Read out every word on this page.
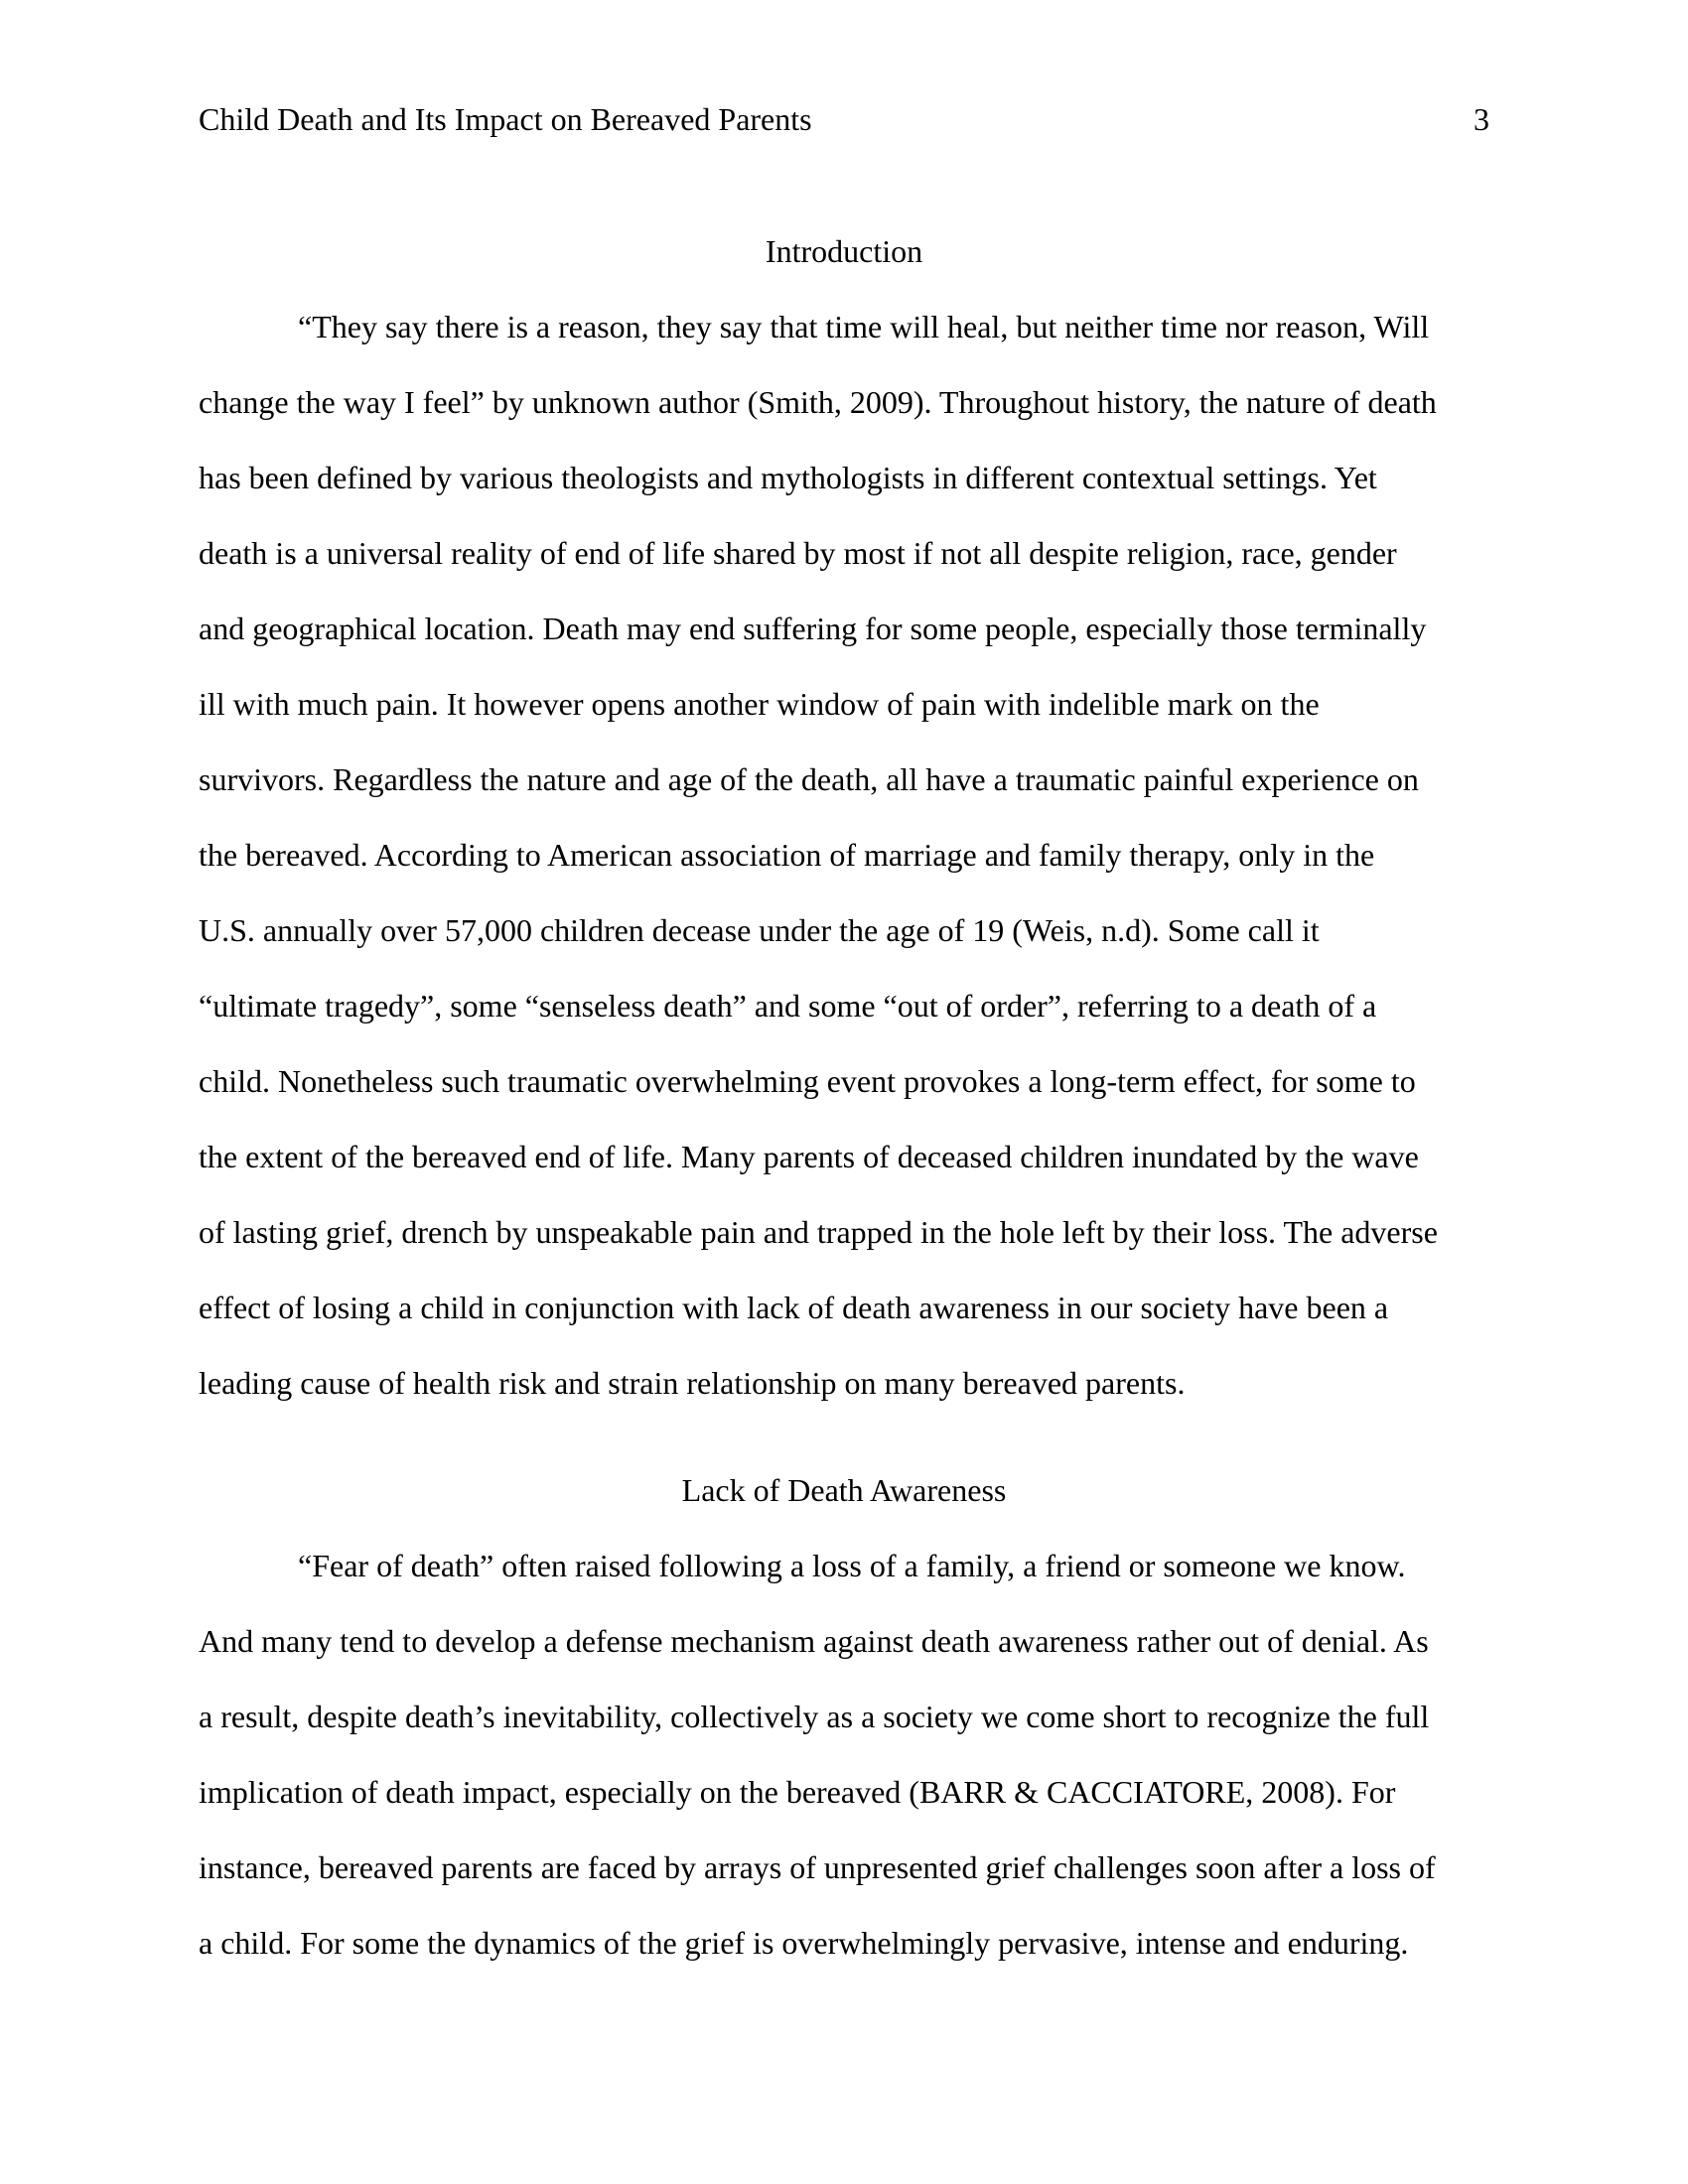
Child Death and Its Impact on Bereaved Parents	3
Introduction
“They say there is a reason, they say that time will heal, but neither time nor reason, Will
change the way I feel” by unknown author (Smith, 2009). Throughout history, the nature of death
has been defined by various theologists and mythologists in different contextual settings. Yet
death is a universal reality of end of life shared by most if not all despite religion, race, gender
and geographical location. Death may end suffering for some people, especially those terminally
ill with much pain. It however opens another window of pain with indelible mark on the
survivors. Regardless the nature and age of the death, all have a traumatic painful experience on
the bereaved. According to American association of marriage and family therapy, only in the
U.S. annually over 57,000 children decease under the age of 19 (Weis, n.d). Some call it
“ultimate tragedy”, some “senseless death” and some “out of order”, referring to a death of a
child. Nonetheless such traumatic overwhelming event provokes a long-term effect, for some to
the extent of the bereaved end of life. Many parents of deceased children inundated by the wave
of lasting grief, drench by unspeakable pain and trapped in the hole left by their loss. The adverse
effect of losing a child in conjunction with lack of death awareness in our society have been a
leading cause of health risk and strain relationship on many bereaved parents.
Lack of Death Awareness
“Fear of death” often raised following a loss of a family, a friend or someone we know.
And many tend to develop a defense mechanism against death awareness rather out of denial. As
a result, despite death’s inevitability, collectively as a society we come short to recognize the full
implication of death impact, especially on the bereaved (BARR & CACCIATORE, 2008). For
instance, bereaved parents are faced by arrays of unpresented grief challenges soon after a loss of
a child. For some the dynamics of the grief is overwhelmingly pervasive, intense and enduring.
